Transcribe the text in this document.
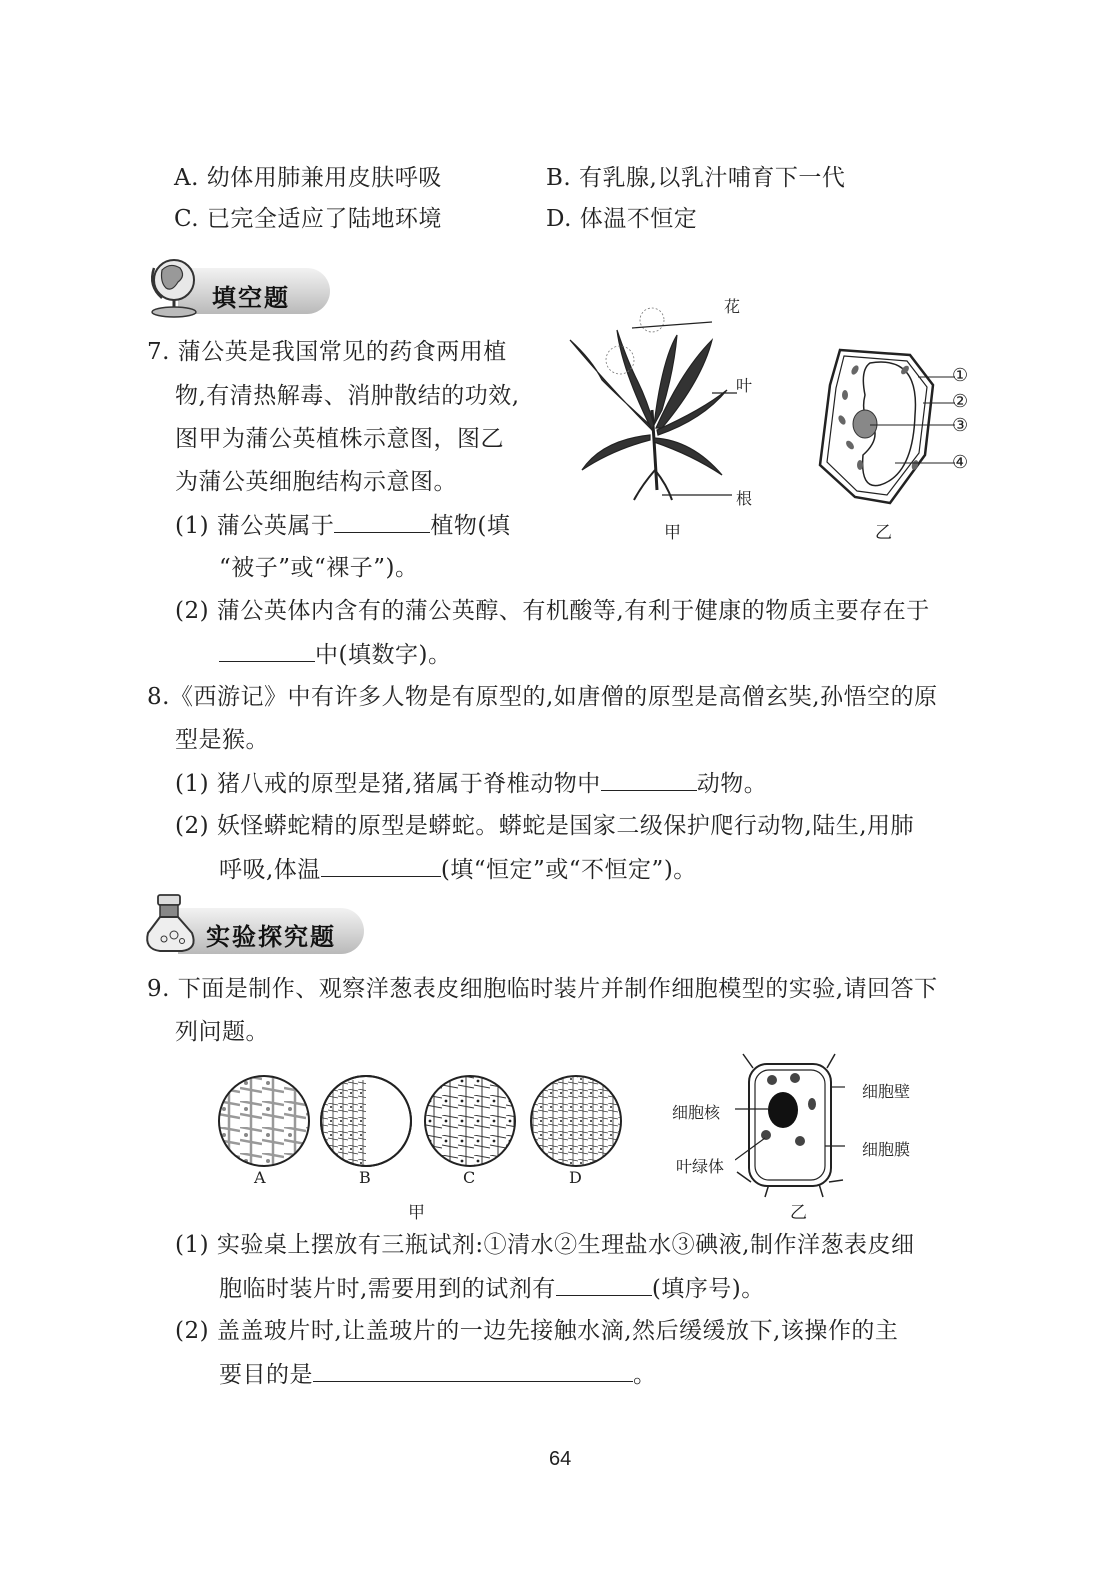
A. 幼体用肺兼用皮肤呼吸	B. 有乳腺,以乳汁哺育下一代
C. 已完全适应了陆地环境	D. 体温不恒定
填空题
7. 蒲公英是我国常见的药食两用植
物,有清热解毒、消肿散结的功效,
图甲为蒲公英植株示意图，图乙
为蒲公英细胞结构示意图。
(1) 蒲公英属于	植物(填
“被子”或“裸子”)。
(2) 蒲公英体内含有的蒲公英醇、有机酸等,有利于健康的物质主要存在于
中(填数字)。
花
叶
根
甲
①
②
③
④
乙
8.《西游记》中有许多人物是有原型的,如唐僧的原型是高僧玄奘,孙悟空的原
型是猴。
(1) 猪八戒的原型是猪,猪属于脊椎动物中	动物。
(2) 妖怪蟒蛇精的原型是蟒蛇。蟒蛇是国家二级保护爬行动物,陆生,用肺
呼吸,体温	(填“恒定”或“不恒定”)。
实验探究题
9. 下面是制作、观察洋葱表皮细胞临时装片并制作细胞模型的实验,请回答下
列问题。
A	B	C	D
甲
细胞核
叶绿体
细胞壁
细胞膜
乙
(1) 实验桌上摆放有三瓶试剂:①清水②生理盐水③碘液,制作洋葱表皮细
胞临时装片时,需要用到的试剂有	(填序号)。
(2) 盖盖玻片时,让盖玻片的一边先接触水滴,然后缓缓放下,该操作的主
要目的是	。
64
